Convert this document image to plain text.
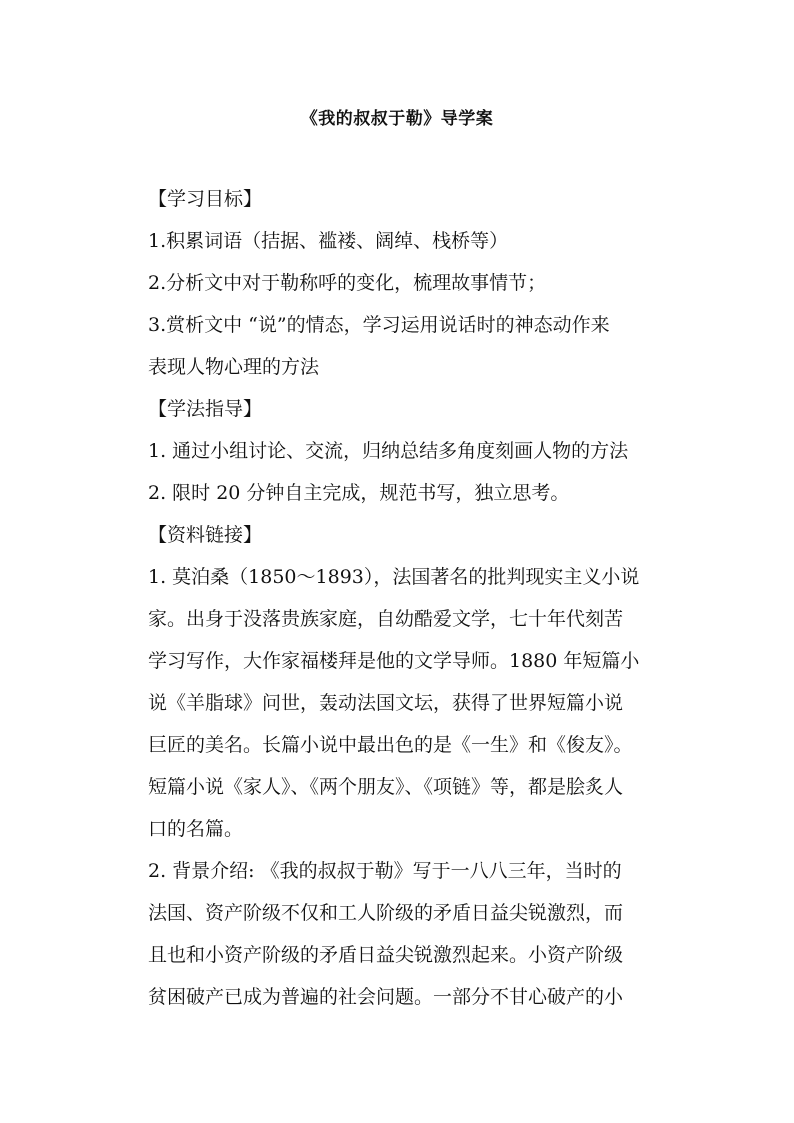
《我的叔叔于勒》导学案
【学习目标】
1.积累词语（拮据、褴褛、阔绰、栈桥等）
2.分析文中对于勒称呼的变化，梳理故事情节；
3.赏析文中 “说”的情态，学习运用说话时的神态动作来
表现人物心理的方法
【学法指导】
1. 通过小组讨论、交流，归纳总结多角度刻画人物的方法
2. 限时 20 分钟自主完成，规范书写，独立思考。
【资料链接】
1. 莫泊桑（1850～1893），法国著名的批判现实主义小说
家。出身于没落贵族家庭，自幼酷爱文学，七十年代刻苦
学习写作，大作家福楼拜是他的文学导师。1880 年短篇小
说《羊脂球》问世，轰动法国文坛，获得了世界短篇小说
巨匠的美名。长篇小说中最出色的是《一生》和《俊友》。
短篇小说《家人》、《两个朋友》、《项链》等，都是脍炙人
口的名篇。
2. 背景介绍: 《我的叔叔于勒》写于一八八三年，当时的
法国、资产阶级不仅和工人阶级的矛盾日益尖锐激烈，而
且也和小资产阶级的矛盾日益尖锐激烈起来。小资产阶级
贫困破产已成为普遍的社会问题。一部分不甘心破产的小
